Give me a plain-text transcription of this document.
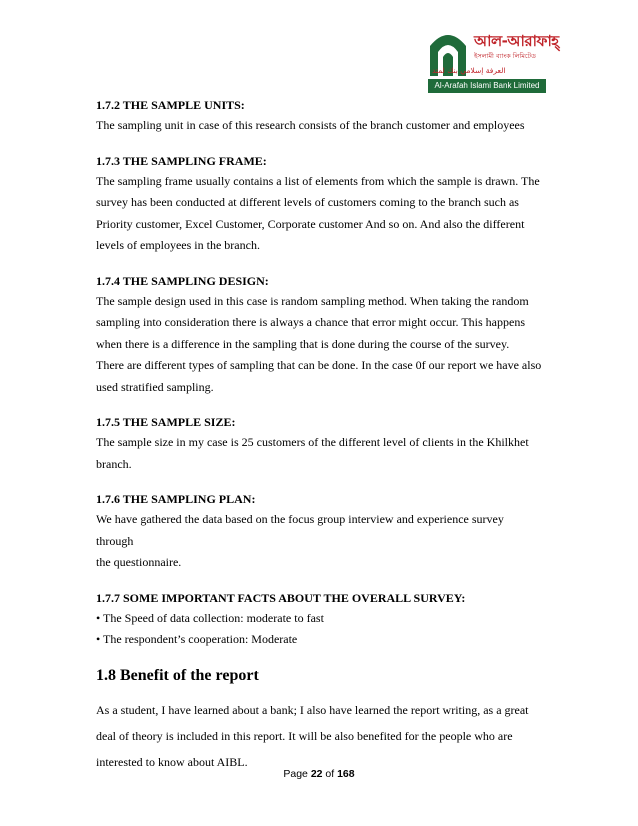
আল-আরাফাহ্
ইসলামী ব্যাংক লিমিটেড
العرفة إسلامي بنك لمتد
Al-Arafah Islami Bank Limited

1.7.2 THE SAMPLE UNITS:

The sampling unit in case of this research consists of the branch customer and employees

1.7.3 THE SAMPLING FRAME:

The sampling frame usually contains a list of elements from which the sample is drawn. The

survey has been conducted at different levels of customers coming to the branch such as

Priority customer, Excel Customer, Corporate customer And so on. And also the different

levels of employees in the branch.

1.7.4 THE SAMPLING DESIGN:

The sample design used in this case is random sampling method. When taking the random

sampling into consideration there is always a chance that error might occur. This happens

when there is a difference in the sampling that is done during the course of the survey.

There are different types of sampling that can be done. In the case 0f our report we have also

used stratified sampling.

1.7.5 THE SAMPLE SIZE:

The sample size in my case is 25 customers of the different level of clients in the Khilkhet

branch.

1.7.6 THE SAMPLING PLAN:

We have gathered the data based on the focus group interview and experience survey through

the questionnaire.

1.7.7 SOME IMPORTANT FACTS ABOUT THE OVERALL SURVEY:

• The Speed of data collection: moderate to fast

• The respondent’s cooperation: Moderate

1.8 Benefit of the report

As a student, I have learned about a bank; I also have learned the report writing, as a great

deal of theory is included in this report. It will be also benefited for the people who are

interested to know about AIBL.

Page 22 of 168
